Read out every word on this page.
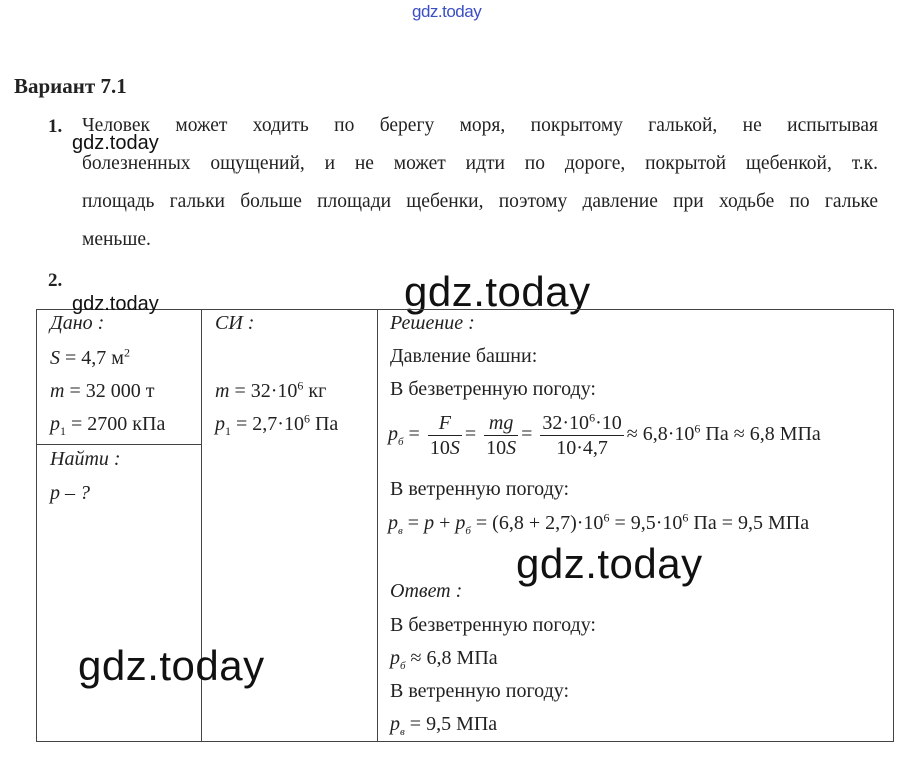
gdz.today
Вариант 7.1
1. Человек может ходить по берегу моря, покрытому галькой, не испытывая
болезненных ощущений, и не может идти по дороге, покрытой щебенкой, т.к.
площадь гальки больше площади щебенки, поэтому давление при ходьбе по гальке
меньше.
gdz.today
2.	gdz.today
gdz.today
Дано :
S = 4,7 $м^2$
m = 32 000 т
$p_1 = 2700$ кПа
Найти :
p – ?
СИ :
$m = 32\cdot 10^6$ кг
$p_1 = 2,7\cdot 10^6$ Па
Решение :
Давление башни:
В безветренную погоду:
$p_б = \frac{F}{10S} = \frac{mg}{10S} = \frac{32\cdot 10^6\cdot 10}{10\cdot 4,7} \approx 6,8\cdot 10^6$ Па ≈ 6,8 МПа
В ветренную погоду:
$p_в = p + p_б = (6,8 + 2,7)\cdot 10^6 = 9,5\cdot 10^6$ Па = 9,5 МПа
gdz.today
Ответ :
В безветренную погоду:
$p_б \approx 6,8$ МПа
В ветренную погоду:
$p_в = 9,5$ МПа
gdz.today
